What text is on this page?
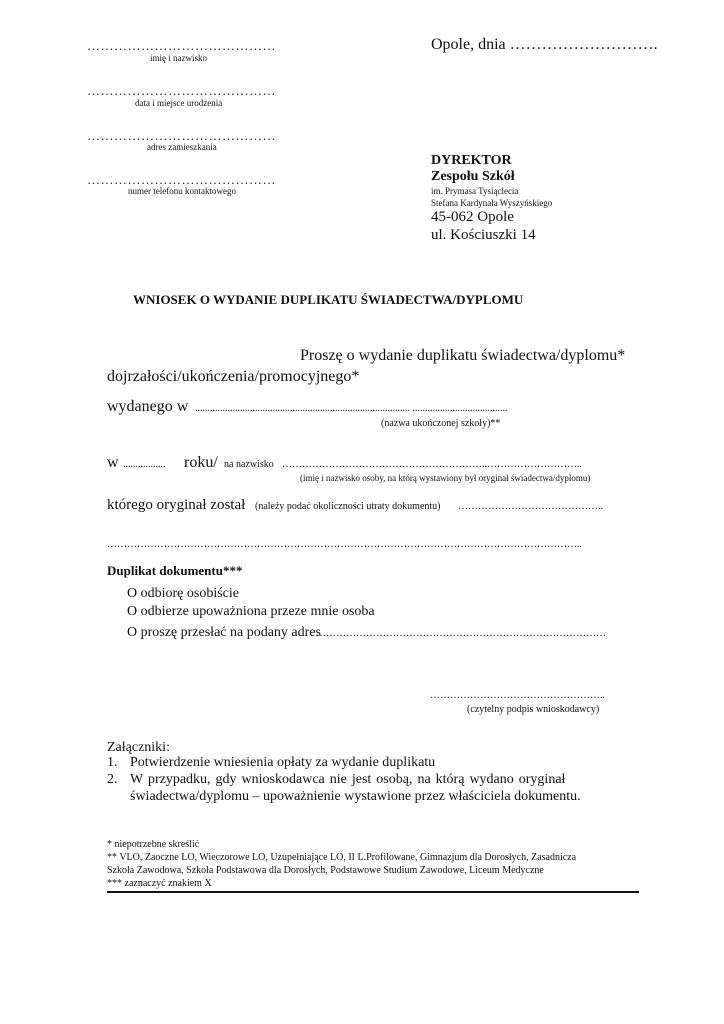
……………………………………
imię i nazwisko
……………………………………
data i miejsce urodzenia
……………………………………
adres zamieszkania
……………………………………
numer telefonu kontaktowego
Opole, dnia ……………………….
DYREKTOR
Zespołu Szkół
im. Prymasa Tysiąclecia
Stefana Kardynała Wyszyńskiego
45-062 Opole
ul. Kościuszki 14
WNIOSEK O WYDANIE DUPLIKATU ŚWIADECTWA/DYPLOMU
Proszę o wydanie duplikatu świadectwa/dyplomu*
dojrzałości/ukończenia/promocyjnego*
wydanego w ...................................................................................... ......................................
(nazwa ukończonej szkoły)**
w ................. roku/ na nazwisko ……………………………………………………..………………………..
(imię i nazwisko osoby, na którą wystawiony był oryginał świadectwa/dyplomu)
którego oryginał został (należy podać okoliczności utraty dokumentu) ……………………………………..
……………………………………………………………………………………………………………………………..
Duplikat dokumentu***
O odbiorę osobiście
O odbierze upoważniona przeze mnie osoba
O proszę przesłać na podany adres
……………………………………………………………………………
……………………………………………..
(czytelny podpis wnioskodawcy)
Załączniki:
1. Potwierdzenie wniesienia opłaty za wydanie duplikatu
2. W  przypadku,  gdy  wnioskodawca  nie  jest  osobą,  na  którą  wydano  oryginał
świadectwa/dyplomu – upoważnienie wystawione przez właściciela dokumentu.
* niepotrzebne skreślić
** VLO, Zaoczne LO, Wieczorowe LO, Uzupełniające LO, II L.Profilowane, Gimnazjum dla Dorosłych, Zasadnicza
Szkoła Zawodowa, Szkoła Podstawowa dla Dorosłych, Podstawowe Studium Zawodowe, Liceum Medyczne
*** zaznaczyć znakiem X
